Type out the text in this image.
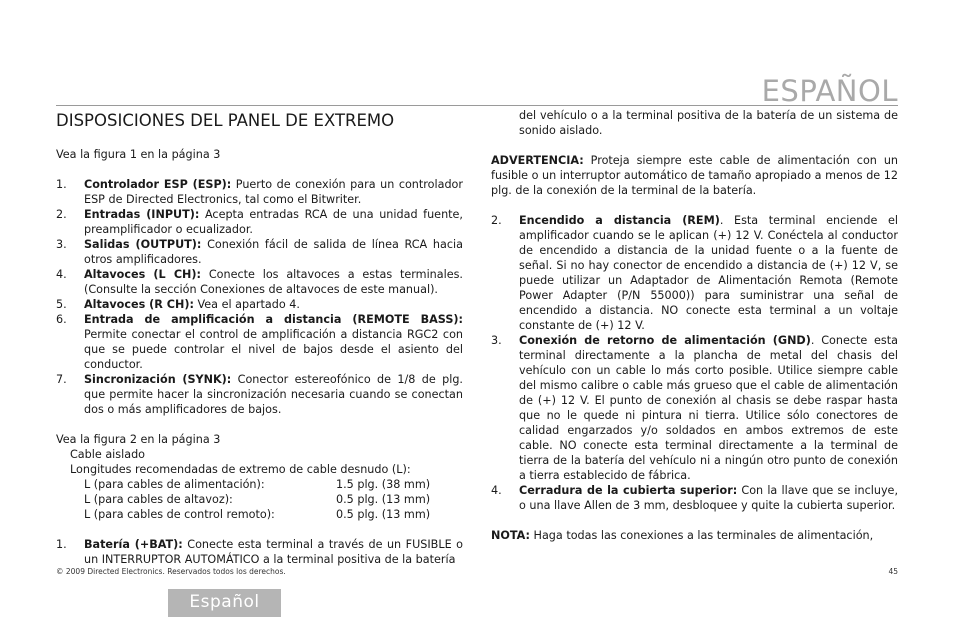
ESPAÑOL
DISPOSICIONES DEL PANEL DE EXTREMO

Vea la figura 1 en la página 3

1. Controlador ESP (ESP): Puerto de conexión para un controlador ESP de Directed Electronics, tal como el Bitwriter.
2. Entradas (INPUT): Acepta entradas RCA de una unidad fuente, preamplificador o ecualizador.
3. Salidas (OUTPUT): Conexión fácil de salida de línea RCA hacia otros amplificadores.
4. Altavoces (L CH): Conecte los altavoces a estas terminales. (Consulte la sección Conexiones de altavoces de este manual).
5. Altavoces (R CH): Vea el apartado 4.
6. Entrada de amplificación a distancia (REMOTE BASS): Permite conectar el control de amplificación a distancia RGC2 con que se puede controlar el nivel de bajos desde el asiento del conductor.
7. Sincronización (SYNK): Conector estereofónico de 1/8 de plg. que permite hacer la sincronización necesaria cuando se conectan dos o más amplificadores de bajos.

Vea la figura 2 en la página 3

Cable aislado

Longitudes recomendadas de extremo de cable desnudo (L):

L (para cables de alimentación):	1.5 plg. (38 mm)
L (para cables de altavoz):	0.5 plg. (13 mm)
L (para cables de control remoto):	0.5 plg. (13 mm)
1. Batería (+BAT): Conecte esta terminal a través de un FUSIBLE o un INTERRUPTOR AUTOMÁTICO a la terminal positiva de la batería

del vehículo o a la terminal positiva de la batería de un sistema de sonido aislado.

ADVERTENCIA: Proteja siempre este cable de alimentación con un fusible o un interruptor automático de tamaño apropiado a menos de 12 plg. de la conexión de la terminal de la batería.

2. Encendido a distancia (REM). Esta terminal enciende el amplificador cuando se le aplican (+) 12 V. Conéctela al conductor de encendido a distancia de la unidad fuente o a la fuente de señal. Si no hay conector de encendido a distancia de (+) 12 V, se puede utilizar un Adaptador de Alimentación Remota (Remote Power Adapter (P/N 55000)) para suministrar una señal de encendido a distancia. NO conecte esta terminal a un voltaje constante de (+) 12 V.
3. Conexión de retorno de alimentación (GND). Conecte esta terminal directamente a la plancha de metal del chasis del vehículo con un cable lo más corto posible. Utilice siempre cable del mismo calibre o cable más grueso que el cable de alimentación de (+) 12 V. El punto de conexión al chasis se debe raspar hasta que no le quede ni pintura ni tierra. Utilice sólo conectores de calidad engarzados y/o soldados en ambos extremos de este cable. NO conecte esta terminal directamente a la terminal de tierra de la batería del vehículo ni a ningún otro punto de conexión a tierra establecido de fábrica.
4. Cerradura de la cubierta superior: Con la llave que se incluye, o una llave Allen de 3 mm, desbloquee y quite la cubierta superior.

NOTA: Haga todas las conexiones a las terminales de alimentación,

© 2009 Directed Electronics. Reservados todos los derechos.	45
Español
